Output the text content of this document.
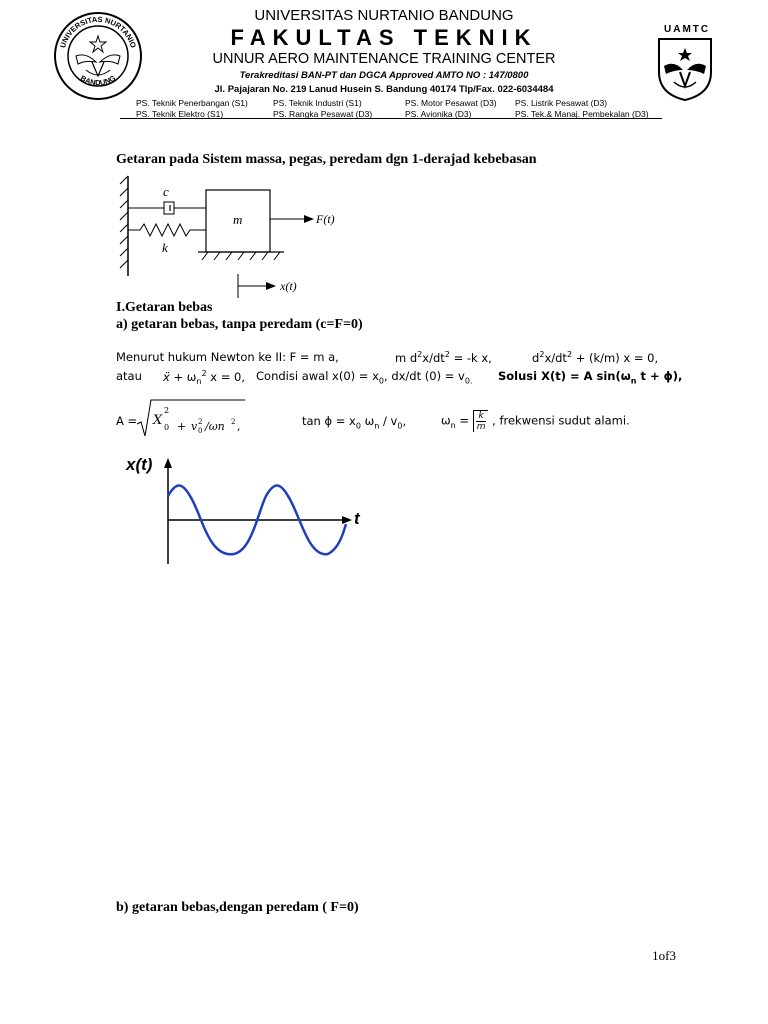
UNIVERSITAS NURTANIO
BANDUNG
UNIVERSITAS NURTANIO BANDUNG
FAKULTAS TEKNIK
UNNUR AERO MAINTENANCE TRAINING CENTER
Terakreditasi BAN-PT dan DGCA Approved AMTO NO : 147/0800
Jl. Pajajaran No. 219 Lanud Husein S. Bandung 40174 Tlp/Fax. 022-6034484
PS. Teknik Penerbangan (S1)	PS. Teknik Industri (S1)	PS. Motor Pesawat (D3) PS. Listrik Pesawat (D3)
PS. Teknik Elektro (S1)	PS. Rangka Pesawat (D3)	PS. Avionika (D3)	PS. Tek.& Manaj. Pembekalan (D3)
UAMTC
Getaran pada Sistem massa, pegas, peredam dgn 1-derajad kebebasan
c
k
m	F(t)
x(t)
I.Getaran bebas
a) getaran bebas, tanpa peredam (c=F=0)
Menurut hukum Newton ke II: F = m a,	m $d^2x/dt^2 = -k$ x,	$d^2x/dt^2 + (k/m) x = 0$,
atau ẍ + $\omega_n^2$ x = 0, Condisi awal $x(0) = x_0$, dx/dt $(0) = v_{0.}$ Solusi X(t) = A $\sin(\omega_n$ t + ϕ),
A = X
2
0 + v 2
0 /ωn 2 ,	$\tan \phi = x_0$ $\omega_n / v_0$,	$\omega_n = \frac{k}{m}$ , frekwensi sudut alami.
x(t)
t
b) getaran bebas,dengan peredam ( F=0)
1of3
